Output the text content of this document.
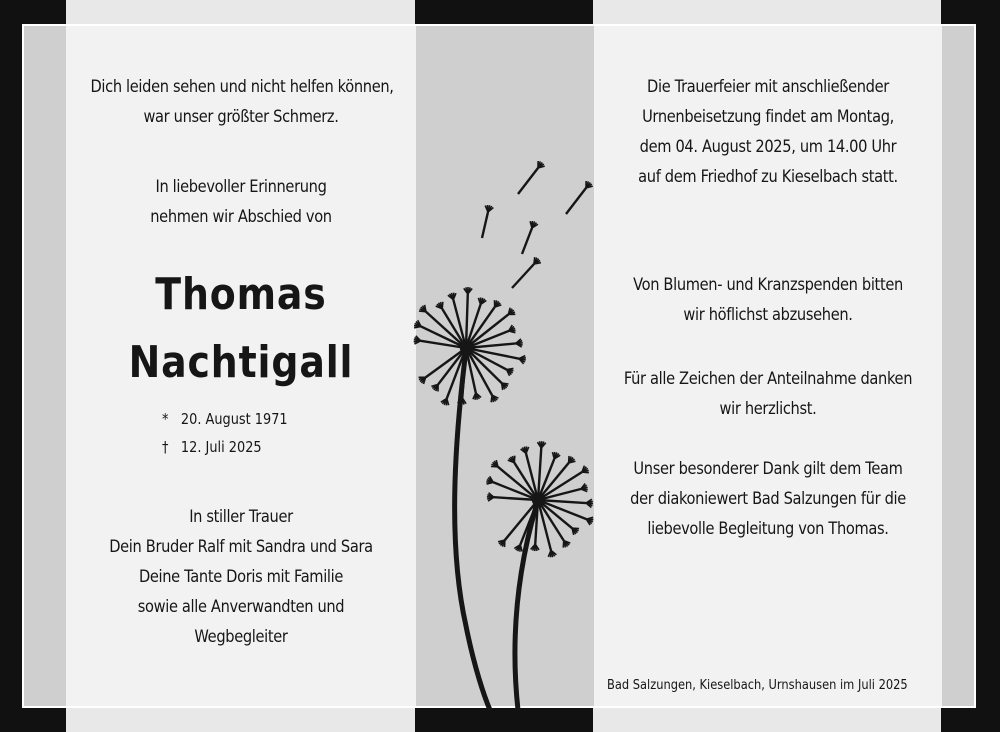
Dich leiden sehen und nicht helfen können,
war unser größter Schmerz.
In liebevoller Erinnerung
nehmen wir Abschied von
Thomas
Nachtigall
* 20. August 1971
† 12. Juli 2025
In stiller Trauer
Dein Bruder Ralf mit Sandra und Sara
Deine Tante Doris mit Familie
sowie alle Anverwandten und
Wegbegleiter
Die Trauerfeier mit anschließender
Urnenbeisetzung findet am Montag,
dem 04. August 2025, um 14.00 Uhr
auf dem Friedhof zu Kieselbach statt.
Von Blumen- und Kranzspenden bitten
wir höflichst abzusehen.
Für alle Zeichen der Anteilnahme danken
wir herzlichst.
Unser besonderer Dank gilt dem Team
der diakoniewert Bad Salzungen für die
liebevolle Begleitung von Thomas.
Bad Salzungen, Kieselbach, Urnshausen im Juli 2025
